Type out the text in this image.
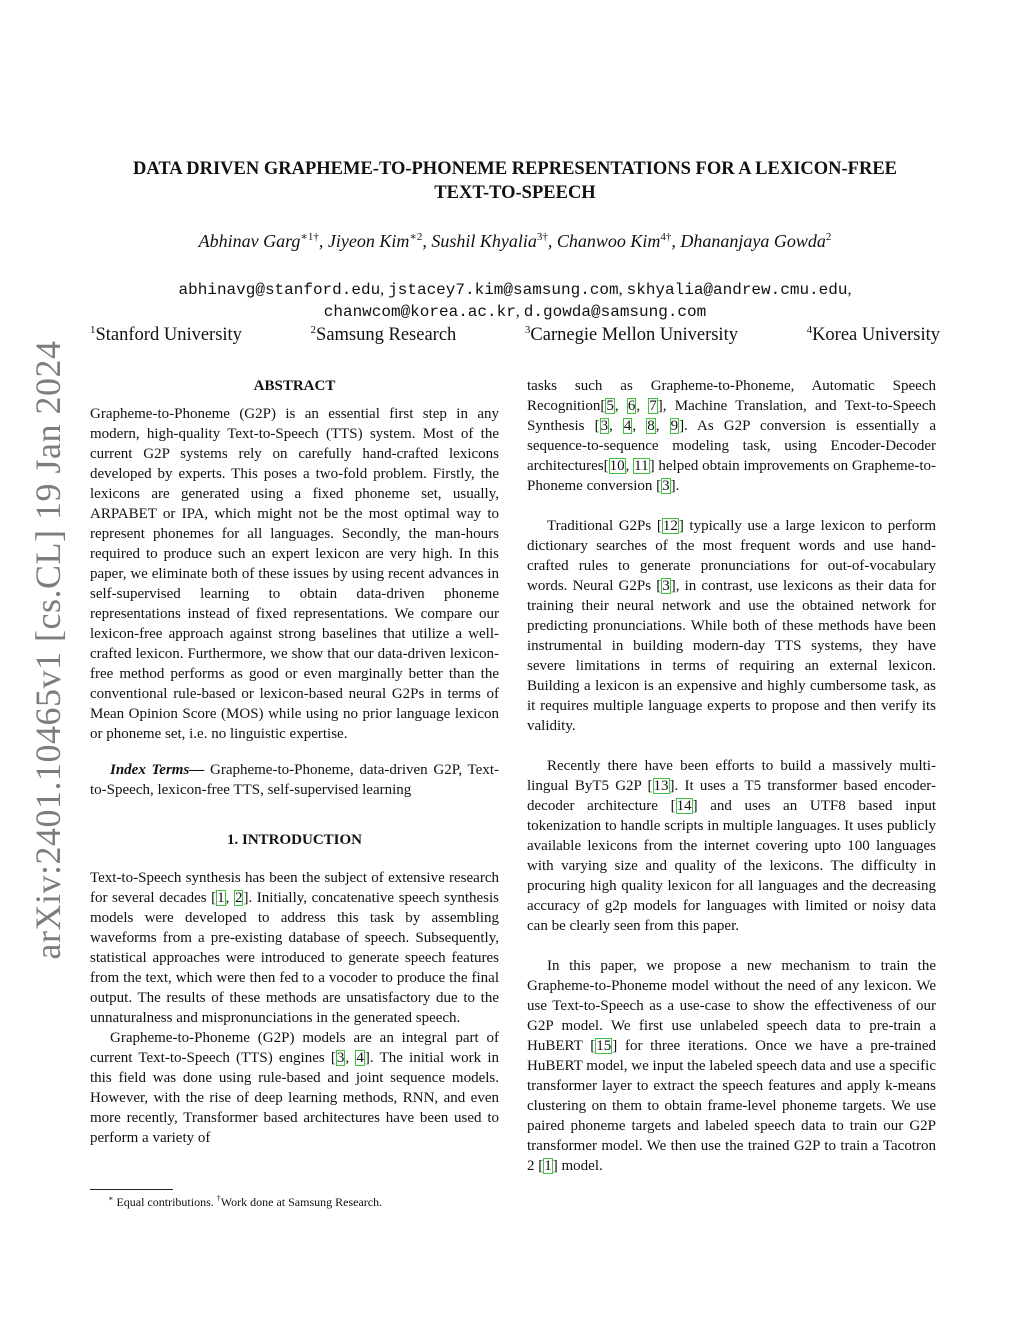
arXiv:2401.10465v1 [cs.CL] 19 Jan 2024
DATA DRIVEN GRAPHEME-TO-PHONEME REPRESENTATIONS FOR A LEXICON-FREE
TEXT-TO-SPEECH
Abhinav Garg$^{∗1\dagger}$, Jiyeon Kim$^{∗2}$, Sushil Khyalia$^{3\dagger}$, Chanwoo Kim$^{4\dagger}$, Dhananjaya Gowda$^2$
abhinavg@stanford.edu, jstacey7.kim@samsung.com, skhyalia@andrew.cmu.edu,
chanwcom@korea.ac.kr, d.gowda@samsung.com
$^1$Stanford University	$^2$Samsung Research	$^3$Carnegie Mellon University	$^4$Korea University
ABSTRACT

Grapheme-to-Phoneme (G2P) is an essential first step in any modern, high-quality Text-to-Speech (TTS) system. Most of the current G2P systems rely on carefully hand-crafted lexicons developed by experts. This poses a two-fold problem. Firstly, the lexicons are generated using a fixed phoneme set, usually, ARPABET or IPA, which might not be the most optimal way to represent phonemes for all languages. Secondly, the man-hours required to produce such an expert lexicon are very high. In this paper, we eliminate both of these issues by using recent advances in self-supervised learning to obtain data-driven phoneme representations instead of fixed representations. We compare our lexicon-free approach against strong baselines that utilize a well-crafted lexicon. Furthermore, we show that our data-driven lexicon-free method performs as good or even marginally better than the conventional rule-based or lexicon-based neural G2Ps in terms of Mean Opinion Score (MOS) while using no prior language lexicon or phoneme set, i.e. no linguistic expertise.

Index Terms— Grapheme-to-Phoneme, data-driven G2P, Text-to-Speech, lexicon-free TTS, self-supervised learning

1. INTRODUCTION

Text-to-Speech synthesis has been the subject of extensive research for several decades [1, 2]. Initially, concatenative speech synthesis models were developed to address this task by assembling waveforms from a pre-existing database of speech. Subsequently, statistical approaches were introduced to generate speech features from the text, which were then fed to a vocoder to produce the final output. The results of these methods are unsatisfactory due to the unnaturalness and mispronunciations in the generated speech.

Grapheme-to-Phoneme (G2P) models are an integral part of current Text-to-Speech (TTS) engines [3, 4]. The initial work in this field was done using rule-based and joint sequence models. However, with the rise of deep learning methods, RNN, and even more recently, Transformer based architectures have been used to perform a variety of

tasks such as Grapheme-to-Phoneme, Automatic Speech Recognition[5, 6, 7], Machine Translation, and Text-to-Speech Synthesis [3, 4, 8, 9]. As G2P conversion is essentially a sequence-to-sequence modeling task, using Encoder-Decoder architectures[10, 11] helped obtain improvements on Grapheme-to-Phoneme conversion [3].

Traditional G2Ps [12] typically use a large lexicon to perform dictionary searches of the most frequent words and use hand-crafted rules to generate pronunciations for out-of-vocabulary words. Neural G2Ps [3], in contrast, use lexicons as their data for training their neural network and use the obtained network for predicting pronunciations. While both of these methods have been instrumental in building modern-day TTS systems, they have severe limitations in terms of requiring an external lexicon. Building a lexicon is an expensive and highly cumbersome task, as it requires multiple language experts to propose and then verify its validity.

Recently there have been efforts to build a massively multi-lingual ByT5 G2P [13]. It uses a T5 transformer based encoder-decoder architecture [14] and uses an UTF8 based input tokenization to handle scripts in multiple languages. It uses publicly available lexicons from the internet covering upto 100 languages with varying size and quality of the lexicons. The difficulty in procuring high quality lexicon for all languages and the decreasing accuracy of g2p models for languages with limited or noisy data can be clearly seen from this paper.

In this paper, we propose a new mechanism to train the Grapheme-to-Phoneme model without the need of any lexicon. We use Text-to-Speech as a use-case to show the effectiveness of our G2P model. We first use unlabeled speech data to pre-train a HuBERT [15] for three iterations. Once we have a pre-trained HuBERT model, we input the labeled speech data and use a specific transformer layer to extract the speech features and apply k-means clustering on them to obtain frame-level phoneme targets. We use paired phoneme targets and labeled speech data to train our G2P transformer model. We then use the trained G2P to train a Tacotron 2 [1] model.

∗ Equal contributions. †Work done at Samsung Research.
